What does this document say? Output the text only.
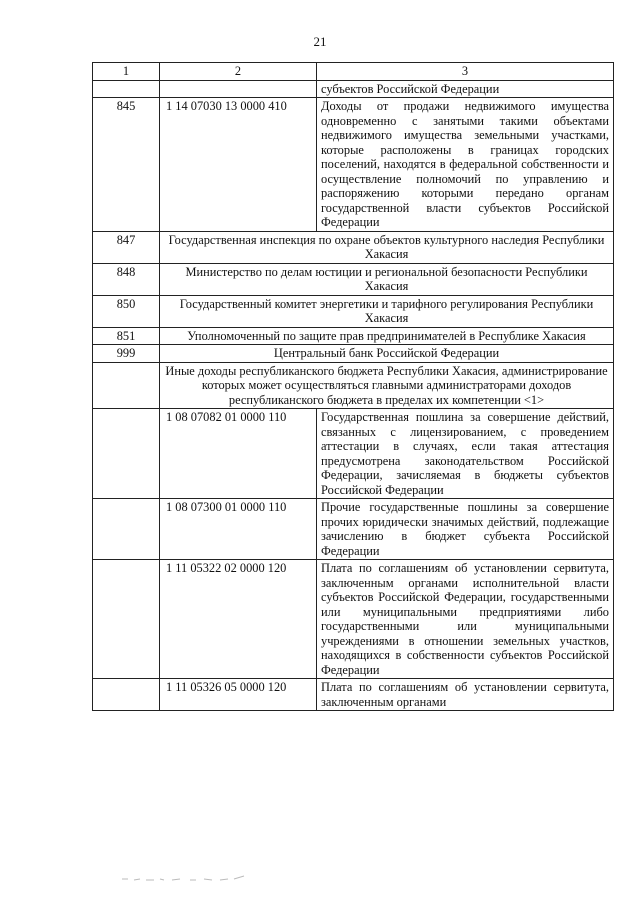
21
1	2	3
		субъектов Российской Федерации
845	1 14 07030 13 0000 410	Доходы от продажи недвижимого имущества одновременно с занятыми такими объектами недвижимого имущества земельными участками, которые расположены в границах городских поселений, находятся в федеральной собственности и осуществление полномочий по управлению и распоряжению которыми передано органам государственной власти субъектов Российской Федерации
847	Государственная инспекция по охране объектов культурного наследия Республики Хакасия	
848	Министерство по делам юстиции и региональной безопасности Республики Хакасия	
850	Государственный комитет энергетики и тарифного регулирования Республики Хакасия	
851	Уполномоченный по защите прав предпринимателей в Республике Хакасия	
999	Центральный банк Российской Федерации	
	Иные доходы республиканского бюджета Республики Хакасия, администрирование которых может осуществляться главными администраторами доходов республиканского бюджета в пределах их компетенции <1>	
	1 08 07082 01 0000 110	Государственная пошлина за совершение действий, связанных с лицензированием, с проведением аттестации в случаях, если такая аттестация предусмотрена законодательством Российской Федерации, зачисляемая в бюджеты субъектов Российской Федерации
	1 08 07300 01 0000 110	Прочие государственные пошлины за совершение прочих юридически значимых действий, подлежащие зачислению в бюджет субъекта Российской Федерации
	1 11 05322 02 0000 120	Плата по соглашениям об установлении сервитута, заключенным органами исполнительной власти субъектов Российской Федерации, государственными или муниципальными предприятиями либо государственными или муниципальными учреждениями в отношении земельных участков, находящихся в собственности субъектов Российской Федерации
	1 11 05326 05 0000 120	Плата по соглашениям об установлении сервитута, заключенным органами
